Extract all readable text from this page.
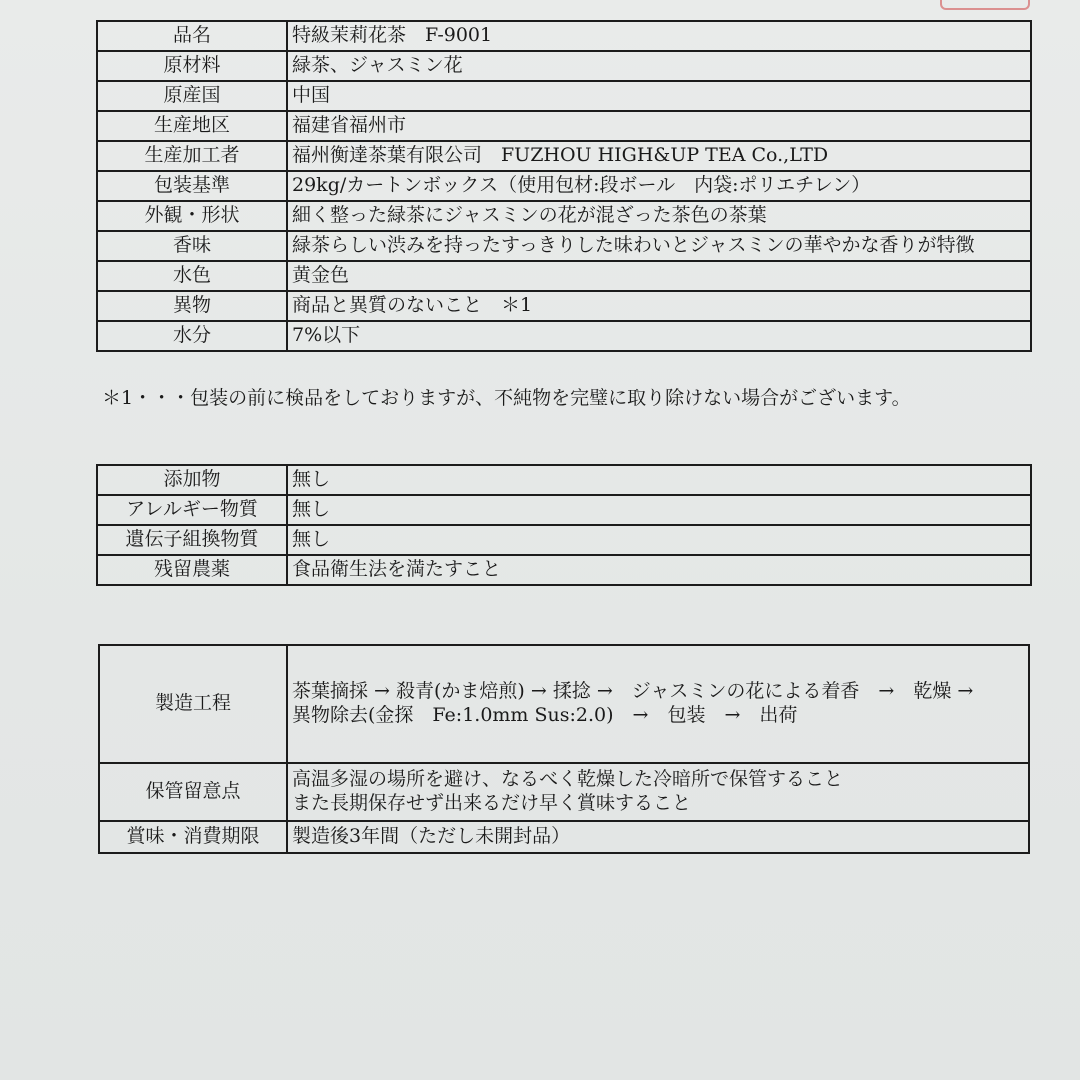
品名	特級茉莉花茶　F-9001
原材料	緑茶、ジャスミン花
原産国	中国
生産地区	福建省福州市
生産加工者	福州衡達茶葉有限公司　FUZHOU HIGH&UP TEA Co.,LTD
包装基準	29kg/カートンボックス（使用包材:段ボール　内袋:ポリエチレン）
外観・形状	細く整った緑茶にジャスミンの花が混ざった茶色の茶葉
香味	緑茶らしい渋みを持ったすっきりした味わいとジャスミンの華やかな香りが特徴
水色	黄金色
異物	商品と異質のないこと　＊1
水分	7%以下
＊1・・・包装の前に検品をしておりますが、不純物を完璧に取り除けない場合がございます。
添加物	無し
アレルギー物質	無し
遺伝子組換物質	無し
残留農薬	食品衛生法を満たすこと
製造工程	茶葉摘採 → 殺青(かま焙煎) → 揉捻 →　ジャスミンの花による着香　→　乾燥 →
異物除去(金探　Fe:1.0mm Sus:2.0)　→　包装　→　出荷

保管留意点	高温多湿の場所を避け、なるべく乾燥した冷暗所で保管すること
また長期保存せず出来るだけ早く賞味すること

賞味・消費期限	製造後3年間（ただし未開封品）
